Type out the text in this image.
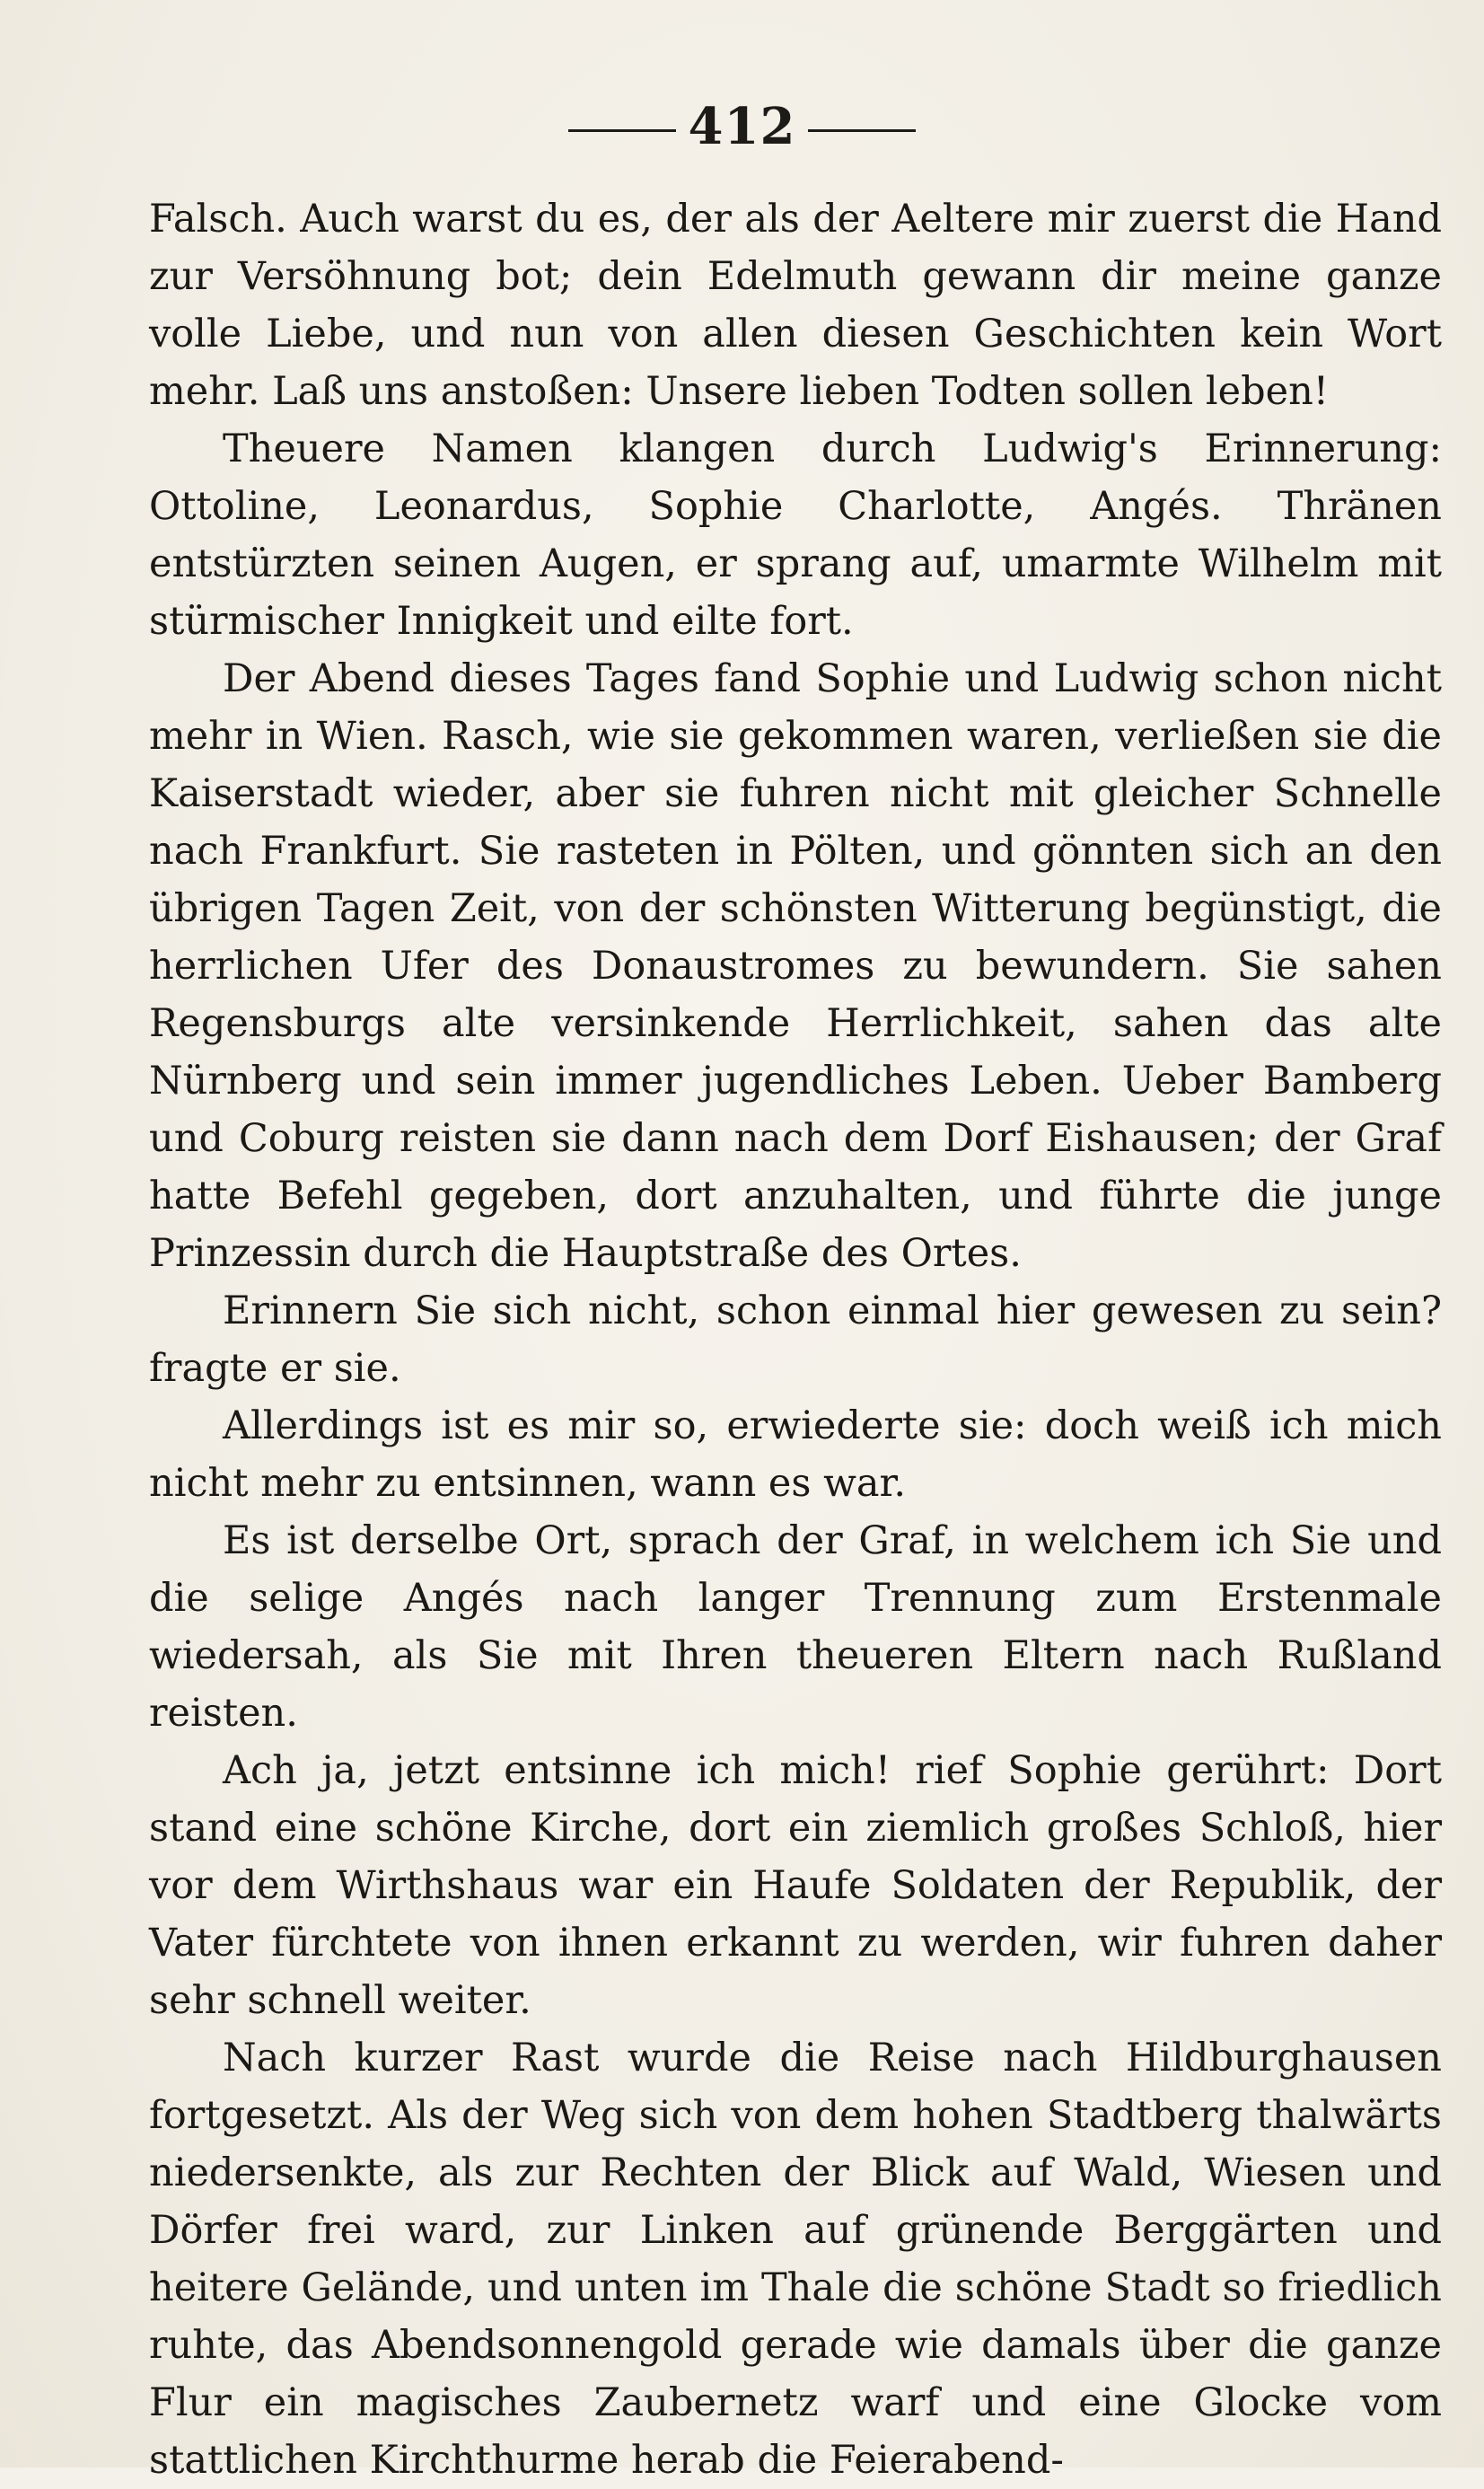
412

Falsch. Auch warst du es, der als der Aeltere mir zuerst die Hand zur Versöhnung bot; dein Edelmuth gewann dir meine ganze volle Liebe, und nun von allen diesen Geschichten kein Wort mehr. Laß uns anstoßen: Unsere lieben Todten sollen leben!

Theuere Namen klangen durch Ludwig's Erinnerung: Ottoline, Leonardus, Sophie Charlotte, Angés. Thränen entstürzten seinen Augen, er sprang auf, umarmte Wilhelm mit stürmischer Innigkeit und eilte fort.

Der Abend dieses Tages fand Sophie und Ludwig schon nicht mehr in Wien. Rasch, wie sie gekommen waren, verließen sie die Kaiserstadt wieder, aber sie fuhren nicht mit gleicher Schnelle nach Frankfurt. Sie rasteten in Pölten, und gönnten sich an den übrigen Tagen Zeit, von der schönsten Witterung begünstigt, die herrlichen Ufer des Donaustromes zu bewundern. Sie sahen Regensburgs alte versinkende Herrlichkeit, sahen das alte Nürnberg und sein immer jugendliches Leben. Ueber Bamberg und Coburg reisten sie dann nach dem Dorf Eishausen; der Graf hatte Befehl gegeben, dort anzuhalten, und führte die junge Prinzessin durch die Hauptstraße des Ortes.

Erinnern Sie sich nicht, schon einmal hier gewesen zu sein? fragte er sie.

Allerdings ist es mir so, erwiederte sie: doch weiß ich mich nicht mehr zu entsinnen, wann es war.

Es ist derselbe Ort, sprach der Graf, in welchem ich Sie und die selige Angés nach langer Trennung zum Erstenmale wiedersah, als Sie mit Ihren theueren Eltern nach Rußland reisten.

Ach ja, jetzt entsinne ich mich! rief Sophie gerührt: Dort stand eine schöne Kirche, dort ein ziemlich großes Schloß, hier vor dem Wirthshaus war ein Haufe Soldaten der Republik, der Vater fürchtete von ihnen erkannt zu werden, wir fuhren daher sehr schnell weiter.

Nach kurzer Rast wurde die Reise nach Hildburghausen fortgesetzt. Als der Weg sich von dem hohen Stadtberg thalwärts niedersenkte, als zur Rechten der Blick auf Wald, Wiesen und Dörfer frei ward, zur Linken auf grünende Berggärten und heitere Gelände, und unten im Thale die schöne Stadt so friedlich ruhte, das Abendsonnengold gerade wie damals über die ganze Flur ein magisches Zaubernetz warf und eine Glocke vom stattlichen Kirchthurme herab die Feierabend-
